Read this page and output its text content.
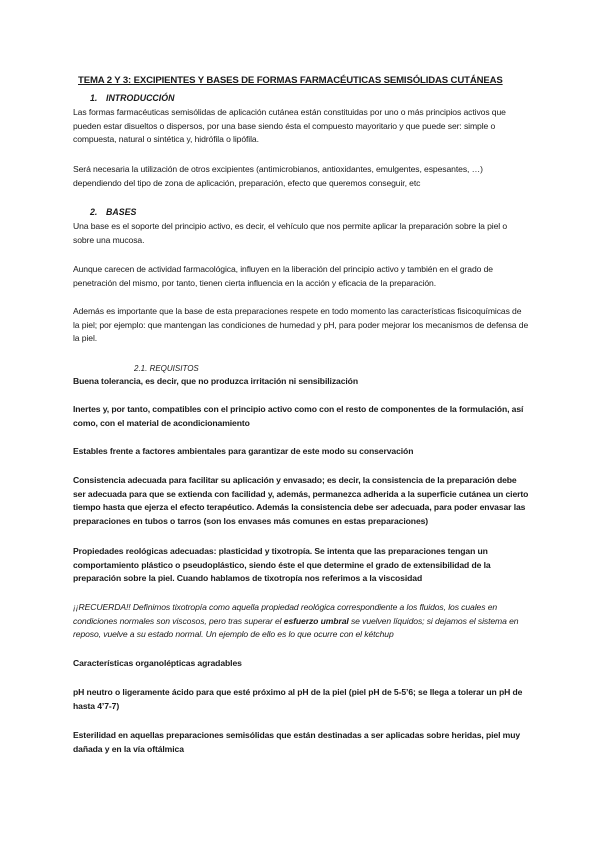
TEMA 2 Y 3: EXCIPIENTES Y BASES DE FORMAS FARMACÉUTICAS SEMISÓLIDAS CUTÁNEAS
1. INTRODUCCIÓN

Las formas farmacéuticas semisólidas de aplicación cutánea están constituidas por uno o más principios activos que pueden estar disueltos o dispersos, por una base siendo ésta el compuesto mayoritario y que puede ser: simple o compuesta, natural o sintética y, hidrófila o lipófila.

Será necesaria la utilización de otros excipientes (antimicrobianos, antioxidantes, emulgentes, espesantes, …) dependiendo del tipo de zona de aplicación, preparación, efecto que queremos conseguir, etc

2. BASES

Una base es el soporte del principio activo, es decir, el vehículo que nos permite aplicar la preparación sobre la piel o sobre una mucosa.

Aunque carecen de actividad farmacológica, influyen en la liberación del principio activo y también en el grado de penetración del mismo, por tanto, tienen cierta influencia en la acción y eficacia de la preparación.

Además es importante que la base de esta preparaciones respete en todo momento las características fisicoquímicas de la piel; por ejemplo: que mantengan las condiciones de humedad y pH, para poder mejorar los mecanismos de defensa de la piel.

2.1. REQUISITOS

Buena tolerancia, es decir, que no produzca irritación ni sensibilización

Inertes y, por tanto, compatibles con el principio activo como con el resto de componentes de la formulación, así como, con el material de acondicionamiento

Estables frente a factores ambientales para garantizar de este modo su conservación

Consistencia adecuada para facilitar su aplicación y envasado; es decir, la consistencia de la preparación debe ser adecuada para que se extienda con facilidad y, además, permanezca adherida a la superficie cutánea un cierto tiempo hasta que ejerza el efecto terapéutico. Además la consistencia debe ser adecuada, para poder envasar las preparaciones en tubos o tarros (son los envases más comunes en estas preparaciones)

Propiedades reológicas adecuadas: plasticidad y tixotropía. Se intenta que las preparaciones tengan un comportamiento plástico o pseudoplástico, siendo éste el que determine el grado de extensibilidad de la preparación sobre la piel. Cuando hablamos de tixotropía nos referimos a la viscosidad

¡¡RECUERDA!! Definimos tixotropía como aquella propiedad reológica correspondiente a los fluidos, los cuales en condiciones normales son viscosos, pero tras superar el esfuerzo umbral se vuelven líquidos; si dejamos el sistema en reposo, vuelve a su estado normal. Un ejemplo de ello es lo que ocurre con el kétchup

Características organolépticas agradables

pH neutro o ligeramente ácido para que esté próximo al pH de la piel (piel pH de 5-5’6; se llega a tolerar un pH de hasta 4’7-7)

Esterilidad en aquellas preparaciones semisólidas que están destinadas a ser aplicadas sobre heridas, piel muy dañada y en la vía oftálmica
